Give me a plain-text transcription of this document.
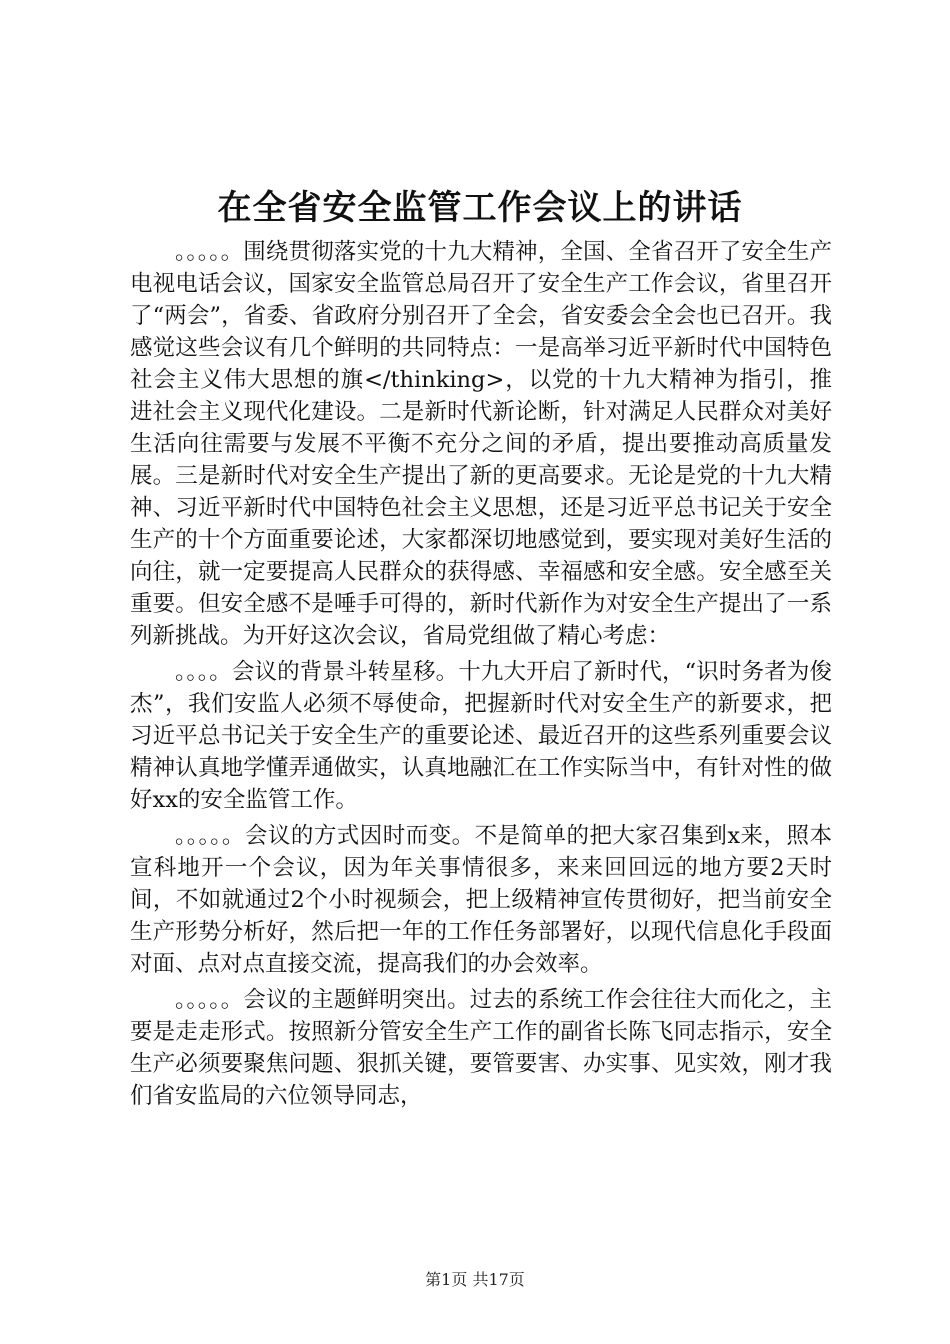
在全省安全监管工作会议上的讲话

。。。。。围绕贯彻落实党的十九大精神，全国、全省召开了安全生产电视电话会议，国家安全监管总局召开了安全生产工作会议，省里召开了“两会”，省委、省政府分别召开了全会，省安委会全会也已召开。我感觉这些会议有几个鲜明的共同特点：一是高举习近平新时代中国特色社会主义伟大思想的旗</thinking>，以党的十九大精神为指引，推进社会主义现代化建设。二是新时代新论断，针对满足人民群众对美好生活向往需要与发展不平衡不充分之间的矛盾，提出要推动高质量发展。三是新时代对安全生产提出了新的更高要求。无论是党的十九大精神、习近平新时代中国特色社会主义思想，还是习近平总书记关于安全生产的十个方面重要论述，大家都深切地感觉到，要实现对美好生活的向往，就一定要提高人民群众的获得感、幸福感和安全感。安全感至关重要。但安全感不是唾手可得的，新时代新作为对安全生产提出了一系列新挑战。为开好这次会议，省局党组做了精心考虑：

。。。。会议的背景斗转星移。十九大开启了新时代，“识时务者为俊杰”，我们安监人必须不辱使命，把握新时代对安全生产的新要求，把习近平总书记关于安全生产的重要论述、最近召开的这些系列重要会议精神认真地学懂弄通做实，认真地融汇在工作实际当中，有针对性的做好xx的安全监管工作。

。。。。。会议的方式因时而变。不是简单的把大家召集到x来，照本宣科地开一个会议，因为年关事情很多，来来回回远的地方要2天时间，不如就通过2个小时视频会，把上级精神宣传贯彻好，把当前安全生产形势分析好，然后把一年的工作任务部署好，以现代信息化手段面对面、点对点直接交流，提高我们的办会效率。

。。。。。会议的主题鲜明突出。过去的系统工作会往往大而化之，主要是走走形式。按照新分管安全生产工作的副省长陈飞同志指示，安全生产必须要聚焦问题、狠抓关键，要管要害、办实事、见实效，刚才我们省安监局的六位领导同志，

第1页 共17页
